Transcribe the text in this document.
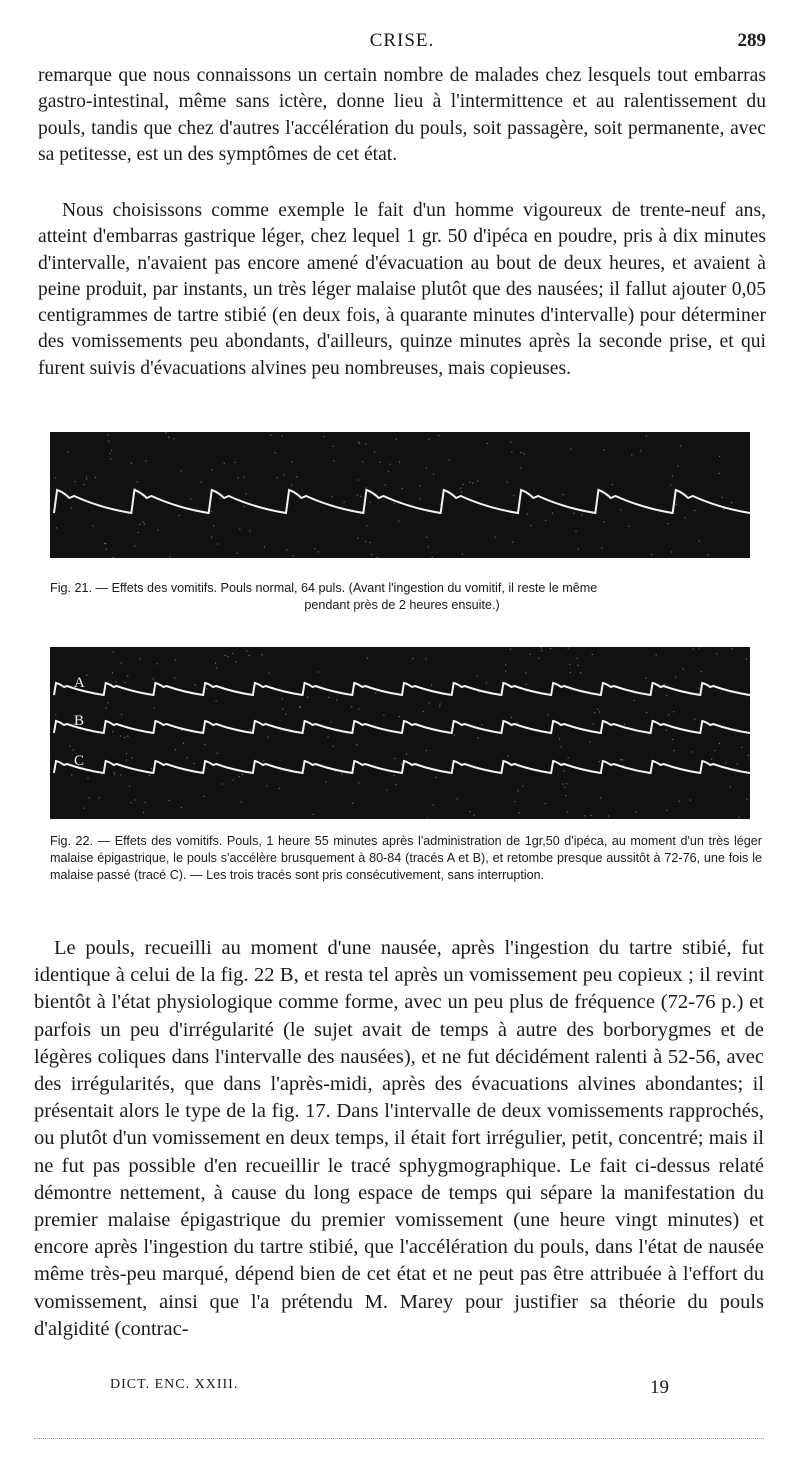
CRISE.	289

remarque que nous connaissons un certain nombre de malades chez lesquels tout embarras gastro-intestinal, même sans ictère, donne lieu à l'intermittence et au ralentissement du pouls, tandis que chez d'autres l'accélération du pouls, soit passagère, soit permanente, avec sa petitesse, est un des symptômes de cet état.

Nous choisissons comme exemple le fait d'un homme vigoureux de trente-neuf ans, atteint d'embarras gastrique léger, chez lequel 1 gr. 50 d'ipéca en poudre, pris à dix minutes d'intervalle, n'avaient pas encore amené d'évacuation au bout de deux heures, et avaient à peine produit, par instants, un très léger malaise plutôt que des nausées; il fallut ajouter 0,05 centigrammes de tartre stibié (en deux fois, à quarante minutes d'intervalle) pour déterminer des vomissements peu abondants, d'ailleurs, quinze minutes après la seconde prise, et qui furent suivis d'évacuations alvines peu nombreuses, mais copieuses.

Fig. 21. — Effets des vomitifs. Pouls normal, 64 puls. (Avant l'ingestion du vomitif, il reste le même
pendant près de 2 heures ensuite.)

A
B
C

Fig. 22. — Effets des vomitifs. Pouls, 1 heure 55 minutes après l'administration de 1gr,50 d'ipéca, au moment d'un très léger malaise épigastrique, le pouls s'accélère brusquement à 80-84 (tracés A et B), et retombe presque aussitôt à 72-76, une fois le malaise passé (tracé C). — Les trois tracés sont pris consécutivement, sans interruption.

Le pouls, recueilli au moment d'une nausée, après l'ingestion du tartre stibié, fut identique à celui de la fig. 22 B, et resta tel après un vomissement peu copieux ; il revint bientôt à l'état physiologique comme forme, avec un peu plus de fréquence (72-76 p.) et parfois un peu d'irrégularité (le sujet avait de temps à autre des borborygmes et de légères coliques dans l'intervalle des nausées), et ne fut décidément ralenti à 52-56, avec des irrégularités, que dans l'après-midi, après des évacuations alvines abondantes; il présentait alors le type de la fig. 17. Dans l'intervalle de deux vomissements rapprochés, ou plutôt d'un vomissement en deux temps, il était fort irrégulier, petit, concentré; mais il ne fut pas possible d'en recueillir le tracé sphygmographique. Le fait ci-dessus relaté démontre nettement, à cause du long espace de temps qui sépare la manifestation du premier malaise épigastrique du premier vomissement (une heure vingt minutes) et encore après l'ingestion du tartre stibié, que l'accélération du pouls, dans l'état de nausée même très-peu marqué, dépend bien de cet état et ne peut pas être attribuée à l'effort du vomissement, ainsi que l'a prétendu M. Marey pour justifier sa théorie du pouls d'algidité (contrac-

DICT. ENC. XXIII.	19
